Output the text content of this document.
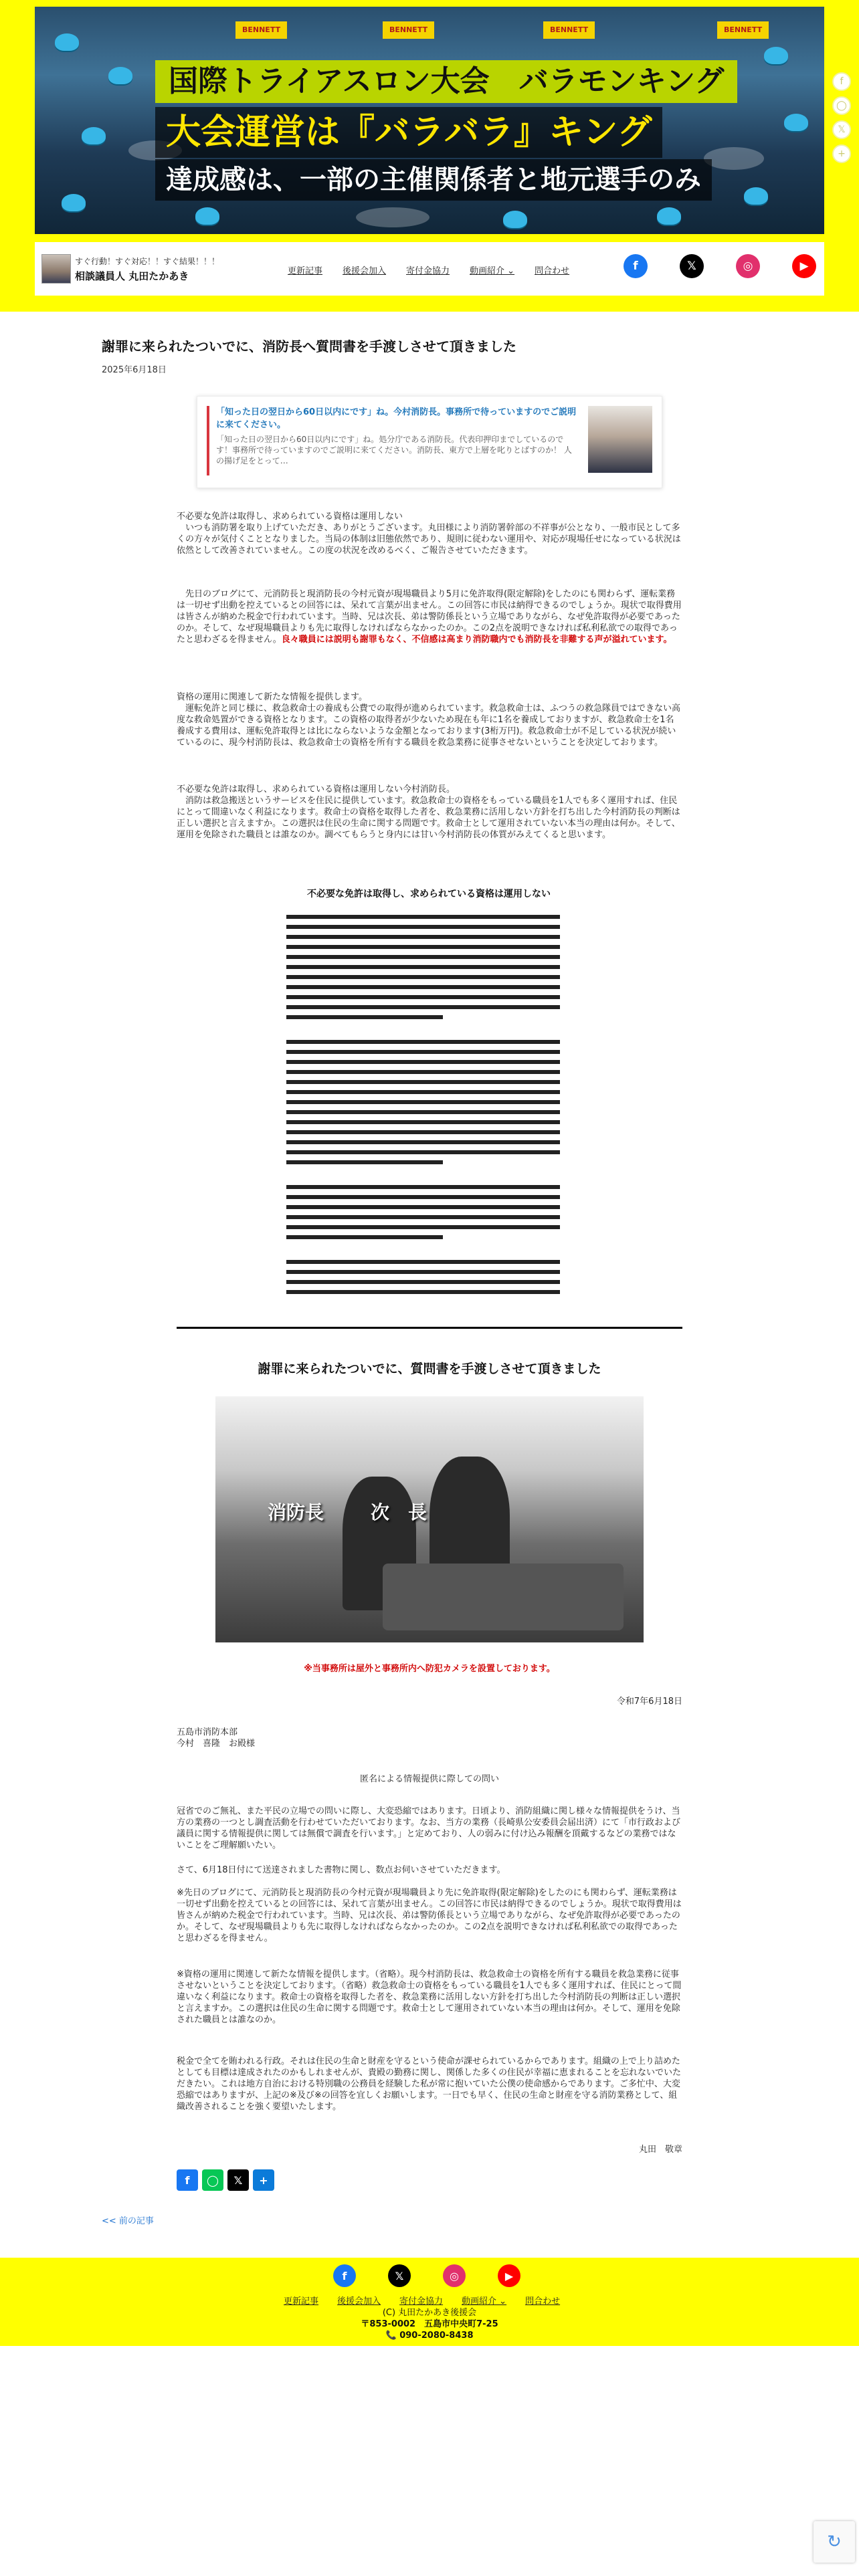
BENNETT	BENNETT	BENNETT	BENNETT
国際トライアスロン大会　バラモンキング
大会運営は『バラバラ』キング
達成感は、一部の主催関係者と地元選手のみ
すぐ行動！すぐ対応！！すぐ結果！！！
相談議員人 丸田たかあき	更新記事 後援会加入 寄付金協力 動画紹介 ⌄ 問合わせ	f	𝕏	◎	▶
f
◯
𝕏
+
謝罪に来られたついでに、消防長へ質問書を手渡しさせて頂きました
2025年6月18日
「知った日の翌日から60日以内にです」ね。今村消防長。事務所で待っていますのでご説明に来てください。
「知った日の翌日から60日以内にです」ね。処分庁である消防長。代表印押印までしているのです！事務所で待っていますのでご説明に来てください。消防長、東方で上層を叱りとばすのか！ 人の揚げ足をとって…

不必要な免許は取得し、求められている資格は運用しない

　いつも消防署を取り上げていただき、ありがとうございます。丸田様により消防署幹部の不祥事が公となり、一般市民として多くの方々が気付くこととなりました。当局の体制は旧態依然であり、規則に従わない運用や、対応が現場任せになっている状況は依然として改善されていません。この度の状況を改めるべく、ご報告させていただきます。

　先日のブログにて、元消防長と現消防長の今村元資が現場職員より5月に免許取得(限定解除)をしたのにも関わらず、運転業務は一切せず出動を控えているとの回答には、呆れて言葉が出ません。この回答に市民は納得できるのでしょうか。現状で取得費用は皆さんが納めた税金で行われています。当時、兄は次長、弟は警防係長という立場でありながら、なぜ免許取得が必要であったのか。そして、なぜ現場職員よりも先に取得しなければならなかったのか。この2点を説明できなければ私利私欲での取得であったと思わざるを得ません。良々職員には説明も謝罪もなく、不信感は高まり消防職内でも消防長を非難する声が溢れています。

資格の運用に関連して新たな情報を提供します。

　運転免許と同じ様に、救急救命士の養成も公費での取得が進められています。救急救命士は、ふつうの救急隊員ではできない高度な救命処置ができる資格となります。この資格の取得者が少ないため現在も年に1名を養成しておりますが、救急救命士を1名養成する費用は、運転免許取得とは比にならないような金額となっております(3桁万円)。救急救命士が不足している状況が続いているのに、現今村消防長は、救急救命士の資格を所有する職員を救急業務に従事させないということを決定しております。

不必要な免許は取得し、求められている資格は運用しない今村消防長。

　消防は救急搬送というサービスを住民に提供しています。救急救命士の資格をもっている職員を1人でも多く運用すれば、住民にとって間違いなく利益になります。救命士の資格を取得した者を、救急業務に活用しない方針を打ち出した今村消防長の判断は正しい選択と言えますか。この選択は住民の生命に関する問題です。救命士として運用されていない本当の理由は何か。そして、運用を免除された職員とは誰なのか。調べてもらうと身内には甘い今村消防長の体質がみえてくると思います。

不必要な免許は取得し、求められている資格は運用しない
謝罪に来られたついでに、質問書を手渡しさせて頂きました
消防長 次　長
※当事務所は屋外と事務所内へ防犯カメラを設置しております。
令和7年6月18日

五島市消防本部

今村　喜隆　お殿様

匿名による情報提供に際しての問い
冠省でのご無礼、また平民の立場での問いに際し、大変恐縮ではあります。日頃より、消防組織に関し様々な情報提供をうけ、当方の業務の一つとし調査活動を行わせていただいております。なお、当方の業務（長崎県公安委員会届出済）にて「市行政および議員に関する情報提供に関しては無償で調査を行います。」と定めており、人の弱みに付け込み報酬を頂戴するなどの業務ではないことをご理解願いたい。
さて、6月18日付にて送達されました書物に関し、数点お伺いさせていただきます。
※先日のブログにて、元消防長と現消防長の今村元資が現場職員より先に免許取得(限定解除)をしたのにも関わらず、運転業務は一切せず出動を控えているとの回答には、呆れて言葉が出ません。この回答に市民は納得できるのでしょうか。現状で取得費用は皆さんが納めた税金で行われています。当時、兄は次長、弟は警防係長という立場でありながら、なぜ免許取得が必要であったのか。そして、なぜ現場職員よりも先に取得しなければならなかったのか。この2点を説明できなければ私利私欲での取得であったと思わざるを得ません。
※資格の運用に関連して新たな情報を提供します。（省略）。現今村消防長は、救急救命士の資格を所有する職員を救急業務に従事させないということを決定しております。（省略）救急救命士の資格をもっている職員を1人でも多く運用すれば、住民にとって間違いなく利益になります。救命士の資格を取得した者を、救急業務に活用しない方針を打ち出した今村消防長の判断は正しい選択と言えますか。この選択は住民の生命に関する問題です。救命士として運用されていない本当の理由は何か。そして、運用を免除された職員とは誰なのか。
税金で全てを賄われる行政。それは住民の生命と財産を守るという使命が課せられているからであります。組織の上で上り詰めたとしても目標は達成されたのかもしれませんが、貴殿の勤務に関し、関係した多くの住民が幸福に恵まれることを忘れないでいただきたい。これは地方自治における特別職の公務員を経験した私が常に抱いていた公僕の使命感からであります。ご多忙中、大変恐縮ではありますが、上記の※及び※の回答を宜しくお願いします。一日でも早く、住民の生命と財産を守る消防業務として、組織改善されることを強く要望いたします。
丸田　敬章
f	◯	𝕏	+
<< 前の記事
f	𝕏	◎	▶
更新記事 後援会加入 寄付金協力 動画紹介 ⌄ 問合わせ
(C) 丸田たかあき後援会
〒853-0002　五島市中央町7-25
📞 090-2080-8438
↻
